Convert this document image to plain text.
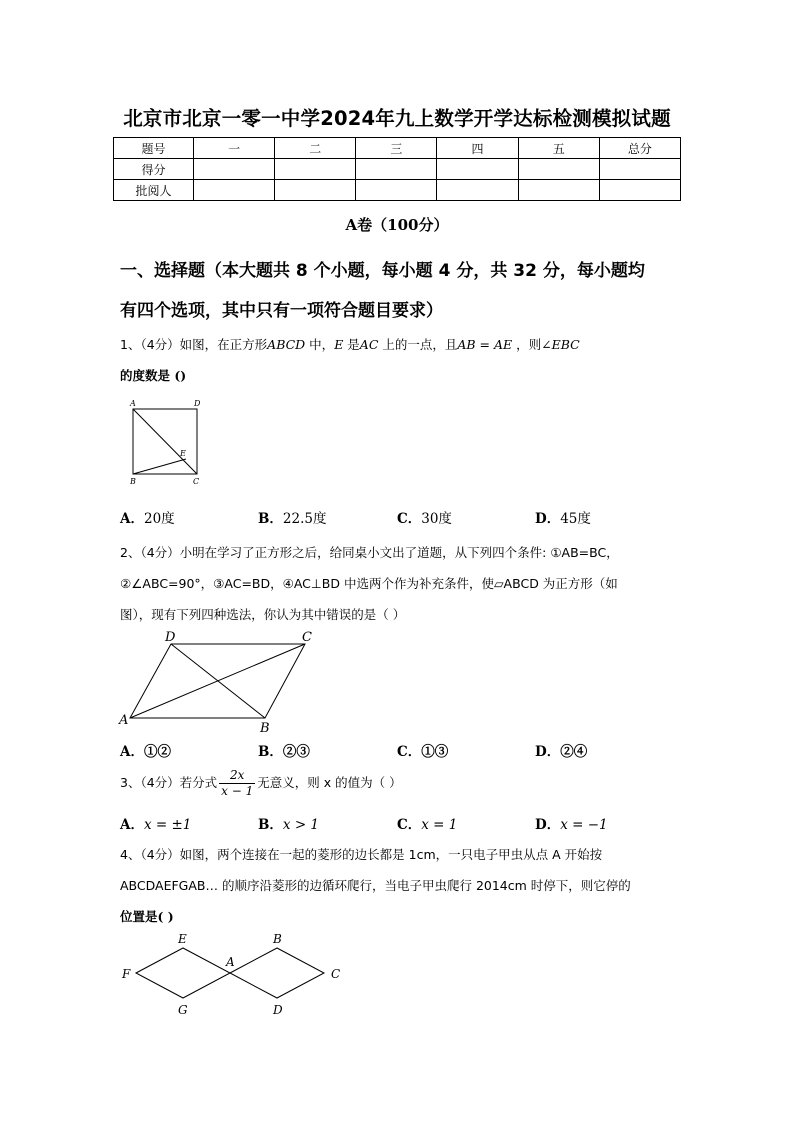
北京市北京一零一中学2024年九上数学开学达标检测模拟试题
题号	一	二	三	四	五	总分
得分						
批阅人						
A卷（100分）
一、选择题（本大题共 8 个小题，每小题 4 分，共 32 分，每小题均
有四个选项，其中只有一项符合题目要求）
1、（4分）如图，在正方形ABCD 中，E 是AC 上的一点，且AB = AE ，则∠EBC
的度数是 ()
A	D
E
B	C
A．20度	B．22.5度	C．30度	D．45度
2、（4分）小明在学习了正方形之后，给同桌小文出了道题，从下列四个条件: ①AB=BC，
②∠ABC=90°，③AC=BD，④AC⊥BD 中选两个作为补充条件，使▱ABCD 为正方形（如
图），现有下列四种选法，你认为其中错误的是（ ）
D	C
A
B
A．①②	B．②③	C．①③	D．②④
3、（4分）若分式 $\frac{2x}{x - 1}$ 无意义，则 x 的值为（ ）
A．x = ±1	B．x > 1	C．x = 1	D．x = −1
4、（4分）如图，两个连接在一起的菱形的边长都是 1cm，一只电子甲虫从点 A 开始按
ABCDAEFGAB… 的顺序沿菱形的边循环爬行，当电子甲虫爬行 2014cm 时停下，则它停的
位置是( )
E	B
A
F	C
G	D
